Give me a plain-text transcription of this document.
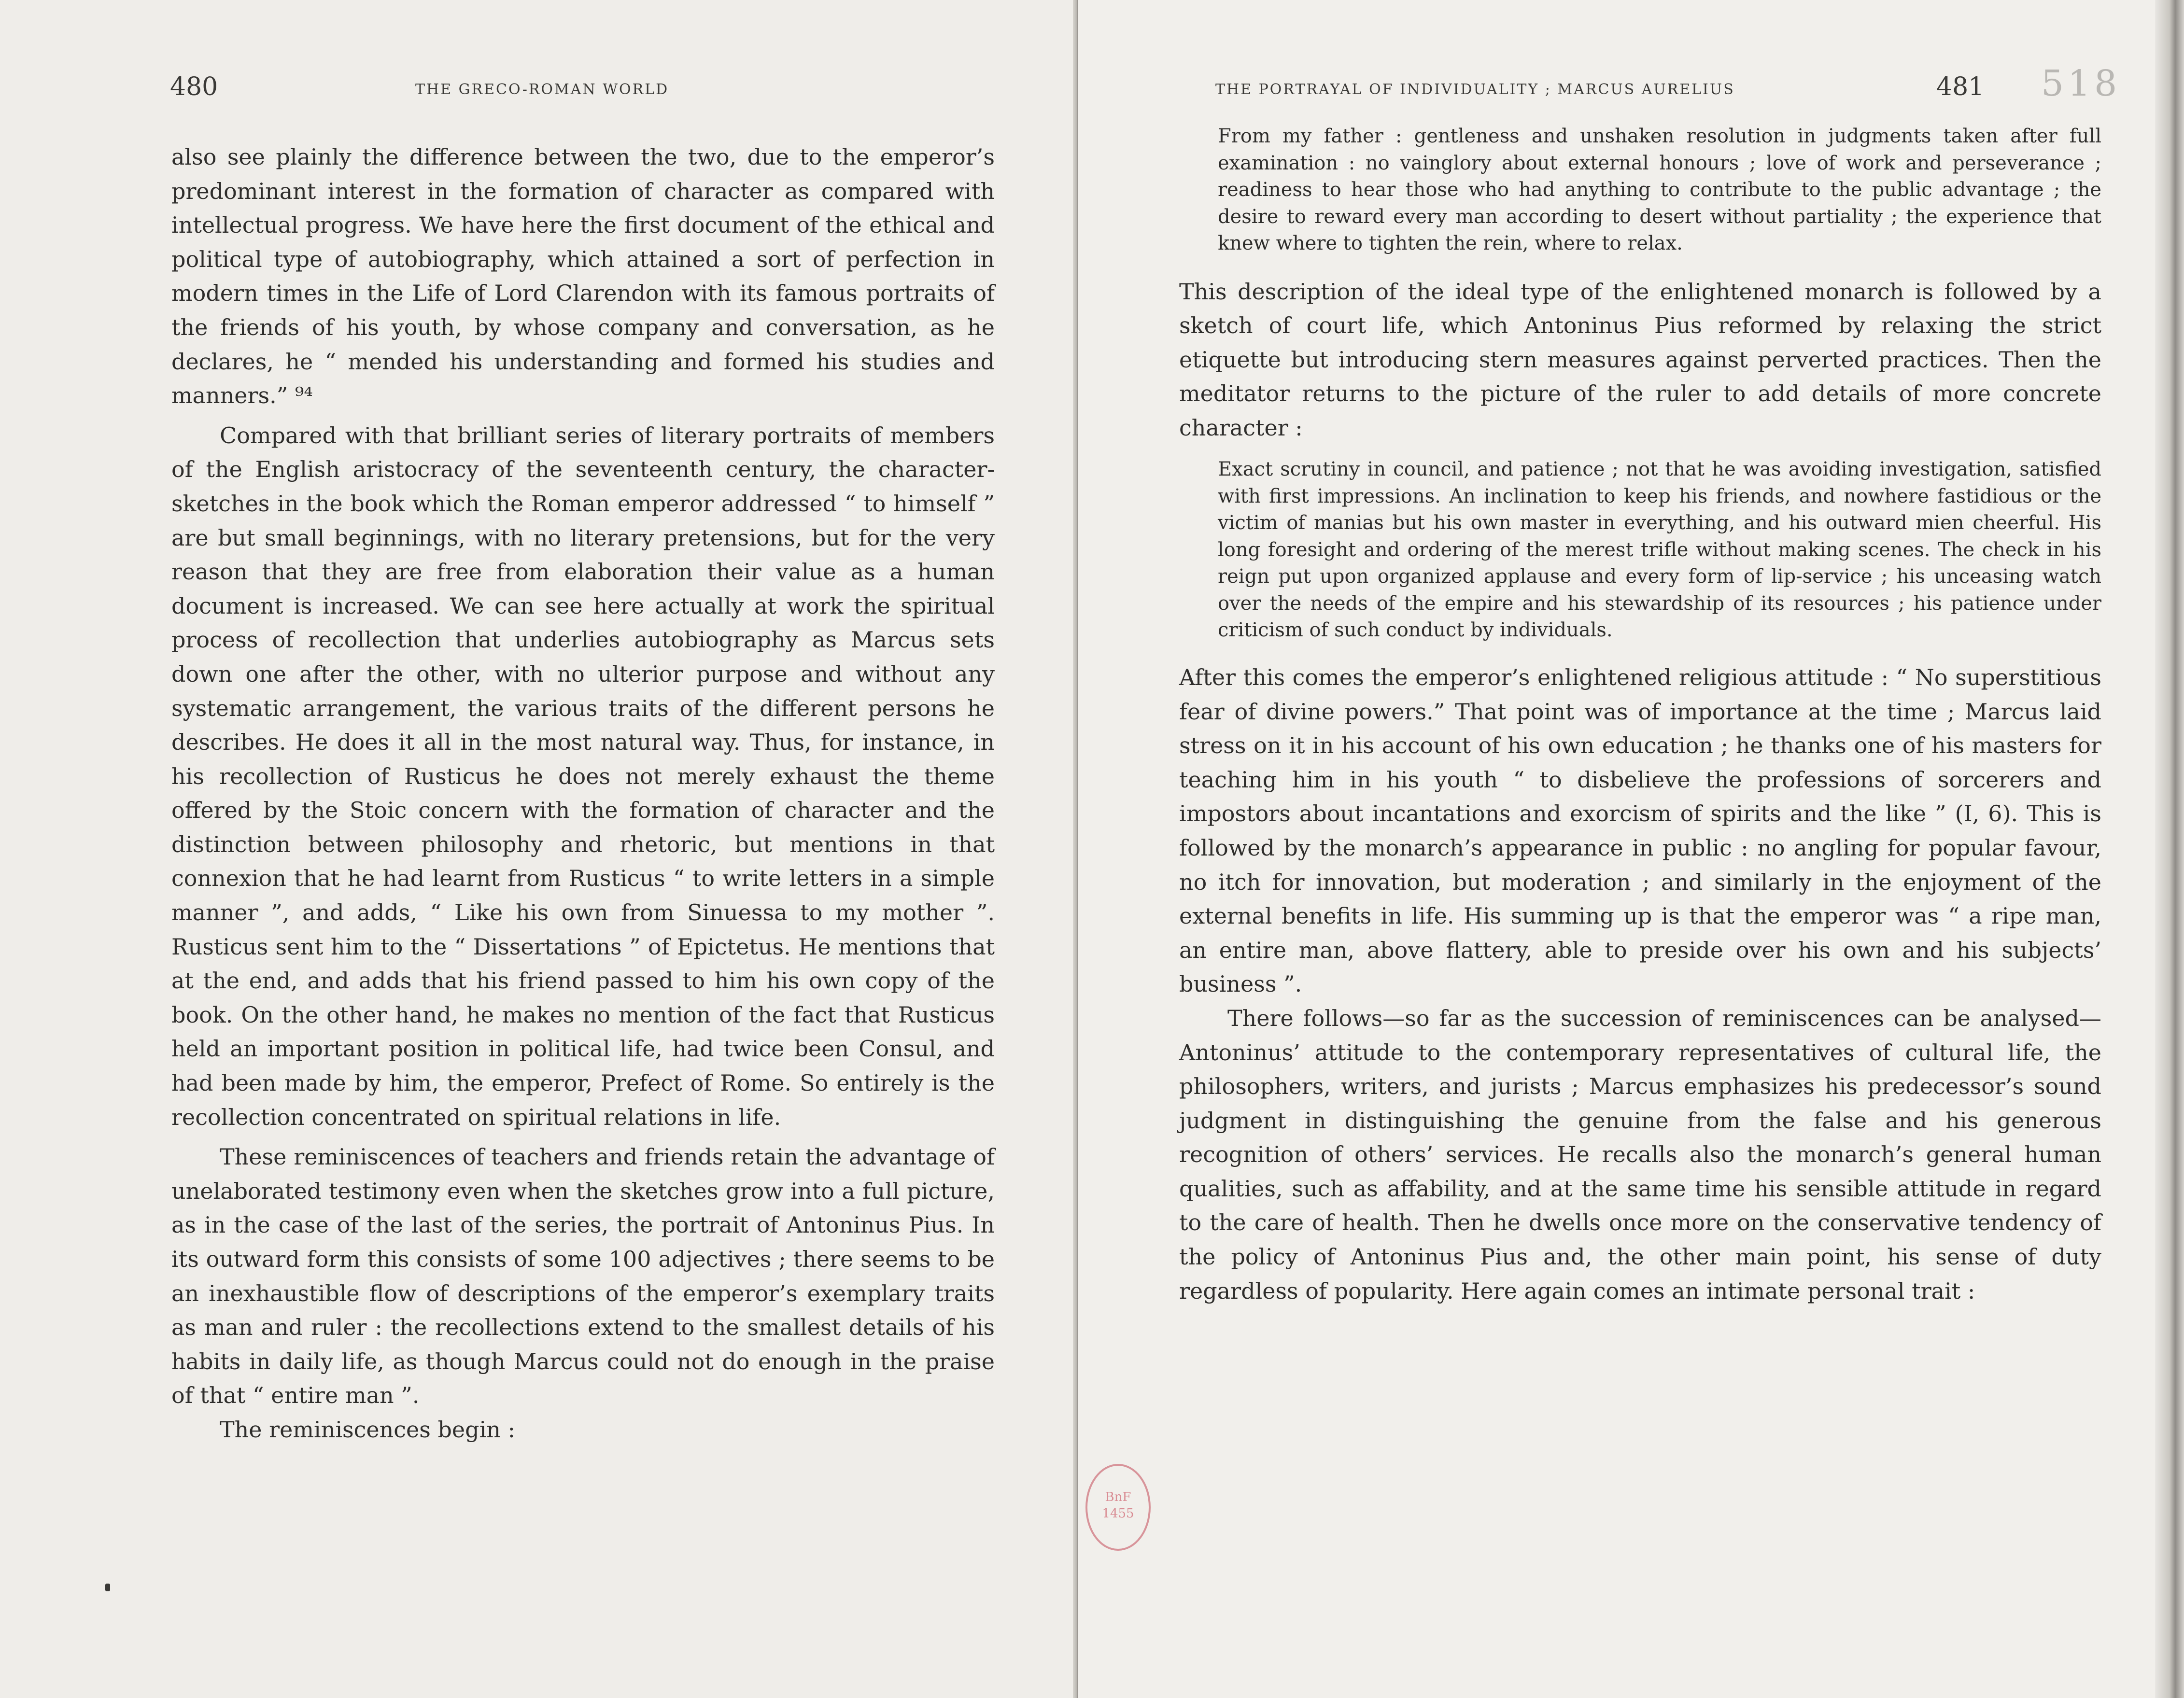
480	THE GRECO-ROMAN WORLD

also see plainly the difference between the two, due to the emperor’s predominant interest in the formation of character as compared with intellectual progress. We have here the first document of the ethical and political type of autobiography, which attained a sort of perfection in modern times in the Life of Lord Clarendon with its famous portraits of the friends of his youth, by whose company and conversation, as he declares, he “ mended his understanding and formed his studies and manners.” ⁹⁴

Compared with that brilliant series of literary portraits of members of the English aristocracy of the seventeenth century, the character-sketches in the book which the Roman emperor addressed “ to himself ” are but small beginnings, with no literary pretensions, but for the very reason that they are free from elaboration their value as a human document is increased. We can see here actually at work the spiritual process of recollection that underlies autobiography as Marcus sets down one after the other, with no ulterior purpose and without any systematic arrangement, the various traits of the different persons he describes. He does it all in the most natural way. Thus, for instance, in his recollection of Rusticus he does not merely exhaust the theme offered by the Stoic concern with the formation of character and the distinction between philosophy and rhetoric, but mentions in that connexion that he had learnt from Rusticus “ to write letters in a simple manner ”, and adds, “ Like his own from Sinuessa to my mother ”. Rusticus sent him to the “ Dissertations ” of Epictetus. He mentions that at the end, and adds that his friend passed to him his own copy of the book. On the other hand, he makes no mention of the fact that Rusticus held an important position in political life, had twice been Consul, and had been made by him, the emperor, Prefect of Rome. So entirely is the recollection concentrated on spiritual relations in life.

These reminiscences of teachers and friends retain the advantage of unelaborated testimony even when the sketches grow into a full picture, as in the case of the last of the series, the portrait of Antoninus Pius. In its outward form this consists of some 100 adjectives ; there seems to be an inexhaustible flow of descriptions of the emperor’s exemplary traits as man and ruler : the recollections extend to the smallest details of his habits in daily life, as though Marcus could not do enough in the praise of that “ entire man ”.

The reminiscences begin :

THE PORTRAYAL OF INDIVIDUALITY ; MARCUS AURELIUS	481 518

From my father : gentleness and unshaken resolution in judgments taken after full examination : no vainglory about external honours ; love of work and perseverance ; readiness to hear those who had anything to contribute to the public advantage ; the desire to reward every man according to desert without partiality ; the experience that knew where to tighten the rein, where to relax.

This description of the ideal type of the enlightened monarch is followed by a sketch of court life, which Antoninus Pius reformed by relaxing the strict etiquette but introducing stern measures against perverted practices. Then the meditator returns to the picture of the ruler to add details of more concrete character :

Exact scrutiny in council, and patience ; not that he was avoiding investigation, satisfied with first impressions. An inclination to keep his friends, and nowhere fastidious or the victim of manias but his own master in everything, and his outward mien cheerful. His long foresight and ordering of the merest trifle without making scenes. The check in his reign put upon organized applause and every form of lip-service ; his unceasing watch over the needs of the empire and his stewardship of its resources ; his patience under criticism of such conduct by individuals.

After this comes the emperor’s enlightened religious attitude : “ No superstitious fear of divine powers.” That point was of importance at the time ; Marcus laid stress on it in his account of his own education ; he thanks one of his masters for teaching him in his youth “ to disbelieve the professions of sorcerers and impostors about incantations and exorcism of spirits and the like ” (I, 6). This is followed by the monarch’s appearance in public : no angling for popular favour, no itch for innovation, but moderation ; and similarly in the enjoyment of the external benefits in life. His summing up is that the emperor was “ a ripe man, an entire man, above flattery, able to preside over his own and his subjects’ business ”.

There follows—so far as the succession of reminiscences can be analysed—Antoninus’ attitude to the contemporary representatives of cultural life, the philosophers, writers, and jurists ; Marcus emphasizes his predecessor’s sound judgment in distinguishing the genuine from the false and his generous recognition of others’ services. He recalls also the monarch’s general human qualities, such as affability, and at the same time his sensible attitude in regard to the care of health. Then he dwells once more on the conservative tendency of the policy of Antoninus Pius and, the other main point, his sense of duty regardless of popularity. Here again comes an intimate personal trait :

BnF 1455
